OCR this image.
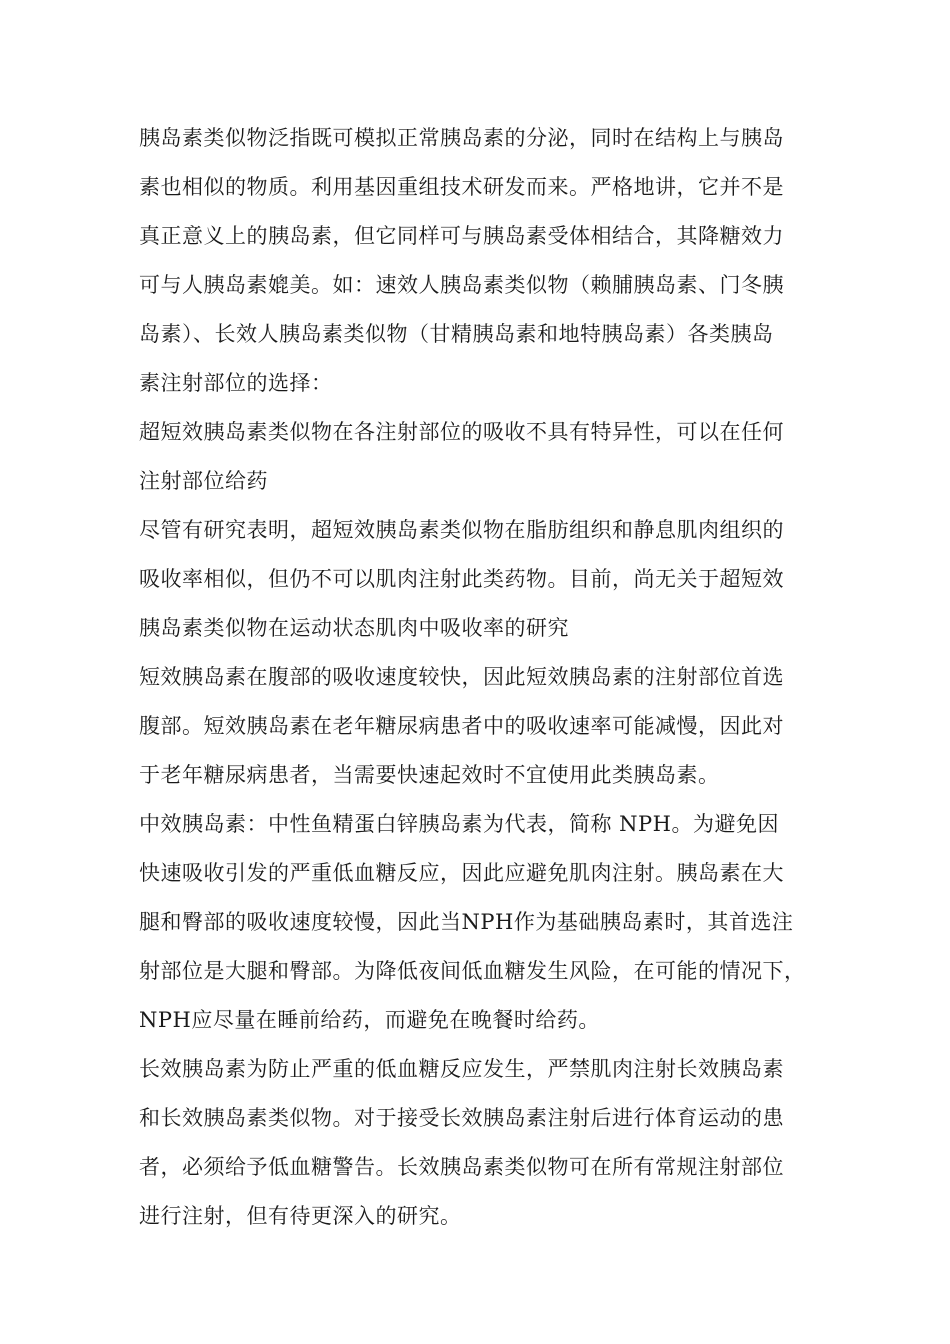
胰岛素类似物泛指既可模拟正常胰岛素的分泌，同时在结构上与胰岛
素也相似的物质。利用基因重组技术研发而来。严格地讲，它并不是
真正意义上的胰岛素，但它同样可与胰岛素受体相结合，其降糖效力
可与人胰岛素媲美。如：速效人胰岛素类似物（赖脯胰岛素、门冬胰
岛素）、长效人胰岛素类似物（甘精胰岛素和地特胰岛素）各类胰岛
素注射部位的选择：
超短效胰岛素类似物在各注射部位的吸收不具有特异性，可以在任何
注射部位给药
尽管有研究表明，超短效胰岛素类似物在脂肪组织和静息肌肉组织的
吸收率相似，但仍不可以肌肉注射此类药物。目前，尚无关于超短效
胰岛素类似物在运动状态肌肉中吸收率的研究
短效胰岛素在腹部的吸收速度较快，因此短效胰岛素的注射部位首选
腹部。短效胰岛素在老年糖尿病患者中的吸收速率可能减慢，因此对
于老年糖尿病患者，当需要快速起效时不宜使用此类胰岛素。
中效胰岛素：中性鱼精蛋白锌胰岛素为代表，简称 NPH。为避免因
快速吸收引发的严重低血糖反应，因此应避免肌肉注射。胰岛素在大
腿和臀部的吸收速度较慢，因此当NPH作为基础胰岛素时，其首选注
射部位是大腿和臀部。为降低夜间低血糖发生风险，在可能的情况下，
NPH应尽量在睡前给药，而避免在晚餐时给药。
长效胰岛素为防止严重的低血糖反应发生，严禁肌肉注射长效胰岛素
和长效胰岛素类似物。对于接受长效胰岛素注射后进行体育运动的患
者，必须给予低血糖警告。长效胰岛素类似物可在所有常规注射部位
进行注射，但有待更深入的研究。
